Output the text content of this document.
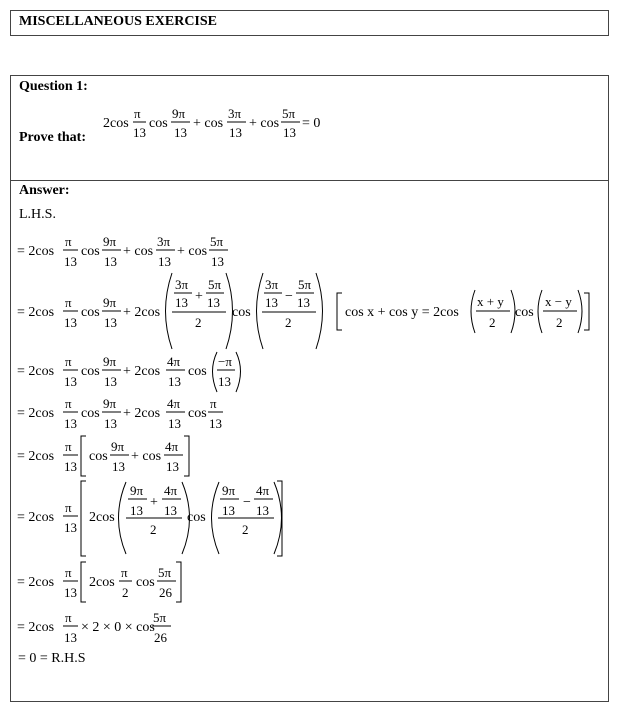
MISCELLANEOUS EXERCISE
Question 1:
Prove that:
Answer:
L.H.S.
= 0 = R.H.S
2cos
π
13
cos
9π
13
+ cos
3π
13
+ cos
5π
13
= 0
= 2cos
π
13
cos
9π
13
+ cos
3π
13
+ cos
5π
13
= 2cos
π
13
cos
9π
13
+ 2cos
3π
13 +
5π
13
2
cos
3π
13 −
5π
13
2
cos x + cos y = 2cos
x + y
2
cos
x − y
2
= 2cos
π
13
cos
9π
13
+ 2cos
4π
13
cos
−π
13
= 2cos
π
13
cos
9π
13
+ 2cos
4π
13
cos
π
13
= 2cos
π
13
cos
9π
13
+ cos
4π
13
= 2cos
π
13
2cos
9π
13
+
4π
13
2
cos
9π
13
−
4π
13
2
= 2cos
π
13
2cos
π
2
cos
5π
26
= 2cos
π
13
× 2 × 0 × cos
5π
26
